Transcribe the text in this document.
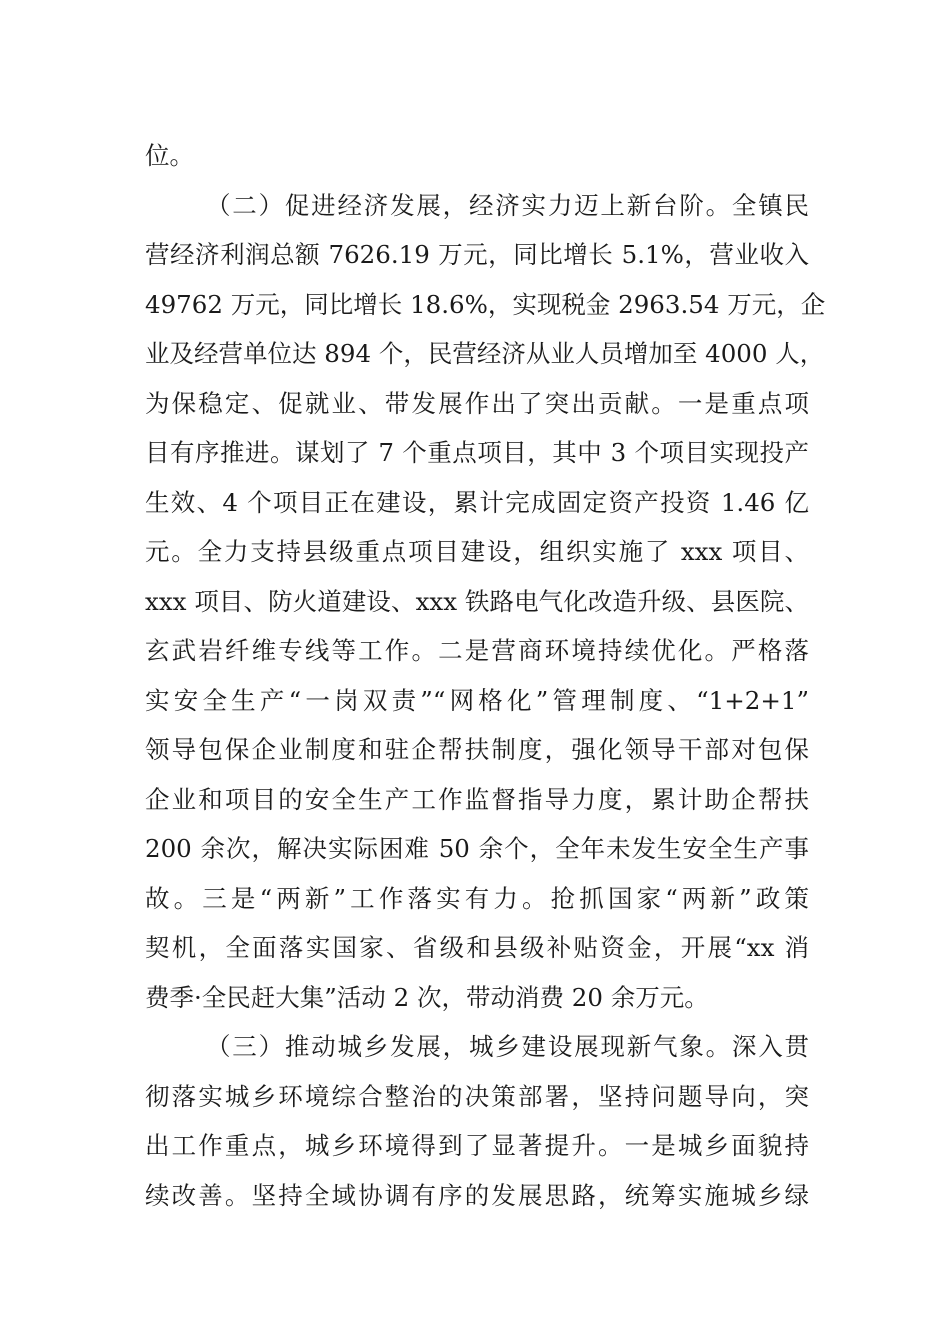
位。
（二）促进经济发展，经济实力迈上新台阶。全镇民
营经济利润总额 7626.19 万元，同比增长 5.1%，营业收入
49762 万元，同比增长 18.6%，实现税金 2963.54 万元，企
业及经营单位达 894 个，民营经济从业人员增加至 4000 人，
为保稳定、促就业、带发展作出了突出贡献。一是重点项
目有序推进。谋划了 7 个重点项目，其中 3 个项目实现投产
生效、4 个项目正在建设，累计完成固定资产投资 1.46 亿
元。全力支持县级重点项目建设，组织实施了 xxx 项目、
xxx 项目、防火道建设、xxx 铁路电气化改造升级、县医院、
玄武岩纤维专线等工作。二是营商环境持续优化。严格落
实安全生产“一岗双责”“网格化”管理制度、“1+2+1”
领导包保企业制度和驻企帮扶制度，强化领导干部对包保
企业和项目的安全生产工作监督指导力度，累计助企帮扶
200 余次，解决实际困难 50 余个，全年未发生安全生产事
故。三是“两新”工作落实有力。抢抓国家“两新”政策
契机，全面落实国家、省级和县级补贴资金，开展“xx 消
费季·全民赶大集”活动 2 次，带动消费 20 余万元。
（三）推动城乡发展，城乡建设展现新气象。深入贯
彻落实城乡环境综合整治的决策部署，坚持问题导向，突
出工作重点，城乡环境得到了显著提升。一是城乡面貌持
续改善。坚持全域协调有序的发展思路，统筹实施城乡绿
